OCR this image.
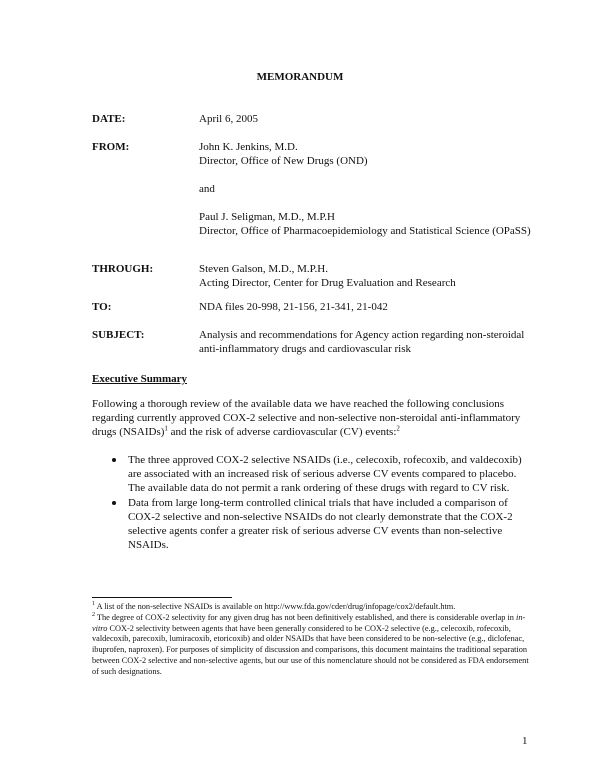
MEMORANDUM
DATE:	April 6, 2005
FROM:	John K. Jenkins, M.D.
Director, Office of New Drugs (OND)
and
Paul J. Seligman, M.D., M.P.H
Director, Office of Pharmacoepidemiology and Statistical Science (OPaSS)
THROUGH:	Steven Galson, M.D., M.P.H.
Acting Director, Center for Drug Evaluation and Research
TO:	NDA files 20-998, 21-156, 21-341, 21-042
SUBJECT:	Analysis and recommendations for Agency action regarding non-steroidal anti-inflammatory drugs and cardiovascular risk
Executive Summary
Following a thorough review of the available data we have reached the following conclusions regarding currently approved COX-2 selective and non-selective non-steroidal anti-inflammatory drugs (NSAIDs)$^1$ and the risk of adverse cardiovascular (CV) events:$^2$
The three approved COX-2 selective NSAIDs (i.e., celecoxib, rofecoxib, and valdecoxib) are associated with an increased risk of serious adverse CV events compared to placebo. The available data do not permit a rank ordering of these drugs with regard to CV risk.
Data from large long-term controlled clinical trials that have included a comparison of COX-2 selective and non-selective NSAIDs do not clearly demonstrate that the COX-2 selective agents confer a greater risk of serious adverse CV events than non-selective NSAIDs.
$^1$ A list of the non-selective NSAIDs is available on http://www.fda.gov/cder/drug/infopage/cox2/default.htm.
$^2$ The degree of COX-2 selectivity for any given drug has not been definitively established, and there is considerable overlap in in-vitro COX-2 selectivity between agents that have been generally considered to be COX-2 selective (e.g., celecoxib, rofecoxib, valdecoxib, parecoxib, lumiracoxib, etoricoxib) and older NSAIDs that have been considered to be non-selective (e.g., diclofenac, ibuprofen, naproxen). For purposes of simplicity of discussion and comparisons, this document maintains the traditional separation between COX-2 selective and non-selective agents, but our use of this nomenclature should not be considered as FDA endorsement of such designations.
1
